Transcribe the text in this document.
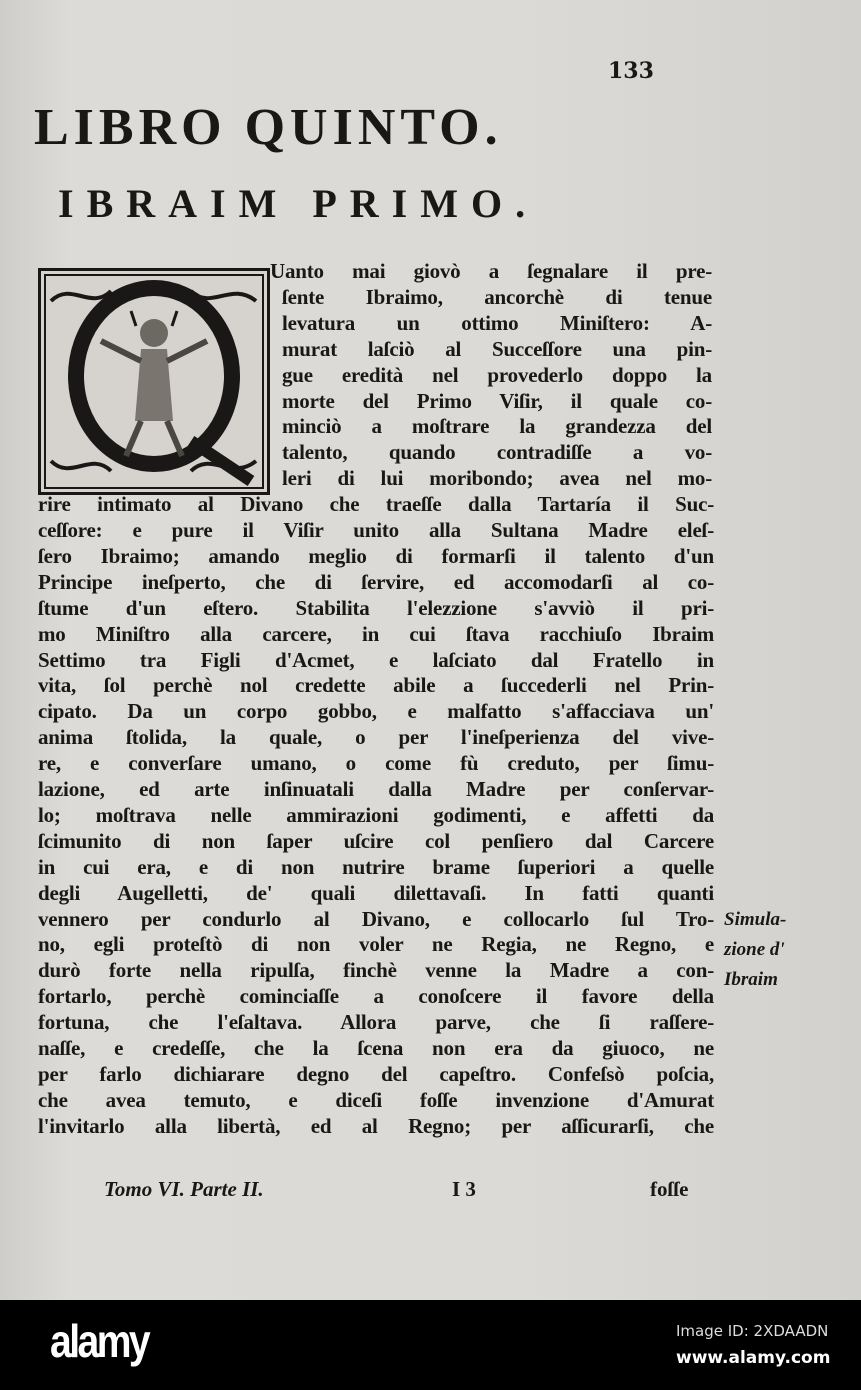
133
LIBRO QUINTO.
IBRAIM PRIMO.
Uanto mai giovò a ſegnalare il pre-
ſente Ibraimo, ancorchè di tenue
levatura un ottimo Miniſtero: A-
murat laſciò al Succeſſore una pin-
gue eredità nel provederlo doppo la
morte del Primo Viſir, il quale co-
minciò a moſtrare la grandezza del
talento, quando contradiſſe a vo-
leri di lui moribondo; avea nel mo-
rire intimato al Divano che traeſſe dalla Tartaría il Suc-
ceſſore: e pure il Viſir unito alla Sultana Madre eleſ-
ſero Ibraimo; amando meglio di formarſi il talento d'un
Principe ineſperto, che di ſervire, ed accomodarſi al co-
ſtume d'un eſtero. Stabilita l'elezzione s'avviò il pri-
mo Miniſtro alla carcere, in cui ſtava racchiuſo Ibraim
Settimo tra Figli d'Acmet, e laſciato dal Fratello in
vita, ſol perchè nol credette abile a ſuccederli nel Prin-
cipato. Da un corpo gobbo, e malfatto s'affacciava un'
anima ſtolida, la quale, o per l'ineſperienza del vive-
re, e converſare umano, o come fù creduto, per ſimu-
lazione, ed arte inſinuatali dalla Madre per conſervar-
lo; moſtrava nelle ammirazioni godimenti, e affetti da
ſcimunito di non ſaper uſcire col penſiero dal Carcere
in cui era, e di non nutrire brame ſuperiori a quelle
degli Augelletti, de' quali dilettavaſi. In fatti quanti
vennero per condurlo al Divano, e collocarlo ſul Tro-
no, egli proteſtò di non voler ne Regia, ne Regno, e
durò forte nella ripulſa, finchè venne la Madre a con-
fortarlo, perchè cominciaſſe a conoſcere il favore della
fortuna, che l'eſaltava. Allora parve, che ſi raſſere-
naſſe, e credeſſe, che la ſcena non era da giuoco, ne
per farlo dichiarare degno del capeſtro. Confeſsò poſcia,
che avea temuto, e diceſi foſſe invenzione d'Amurat
l'invitarlo alla libertà, ed al Regno; per aſſicurarſi, che
Simula-
zione d'
Ibraim
Tomo VI. Parte II.	I 3	foſſe
alamy	Image ID: 2XDAADN
www.alamy.com
